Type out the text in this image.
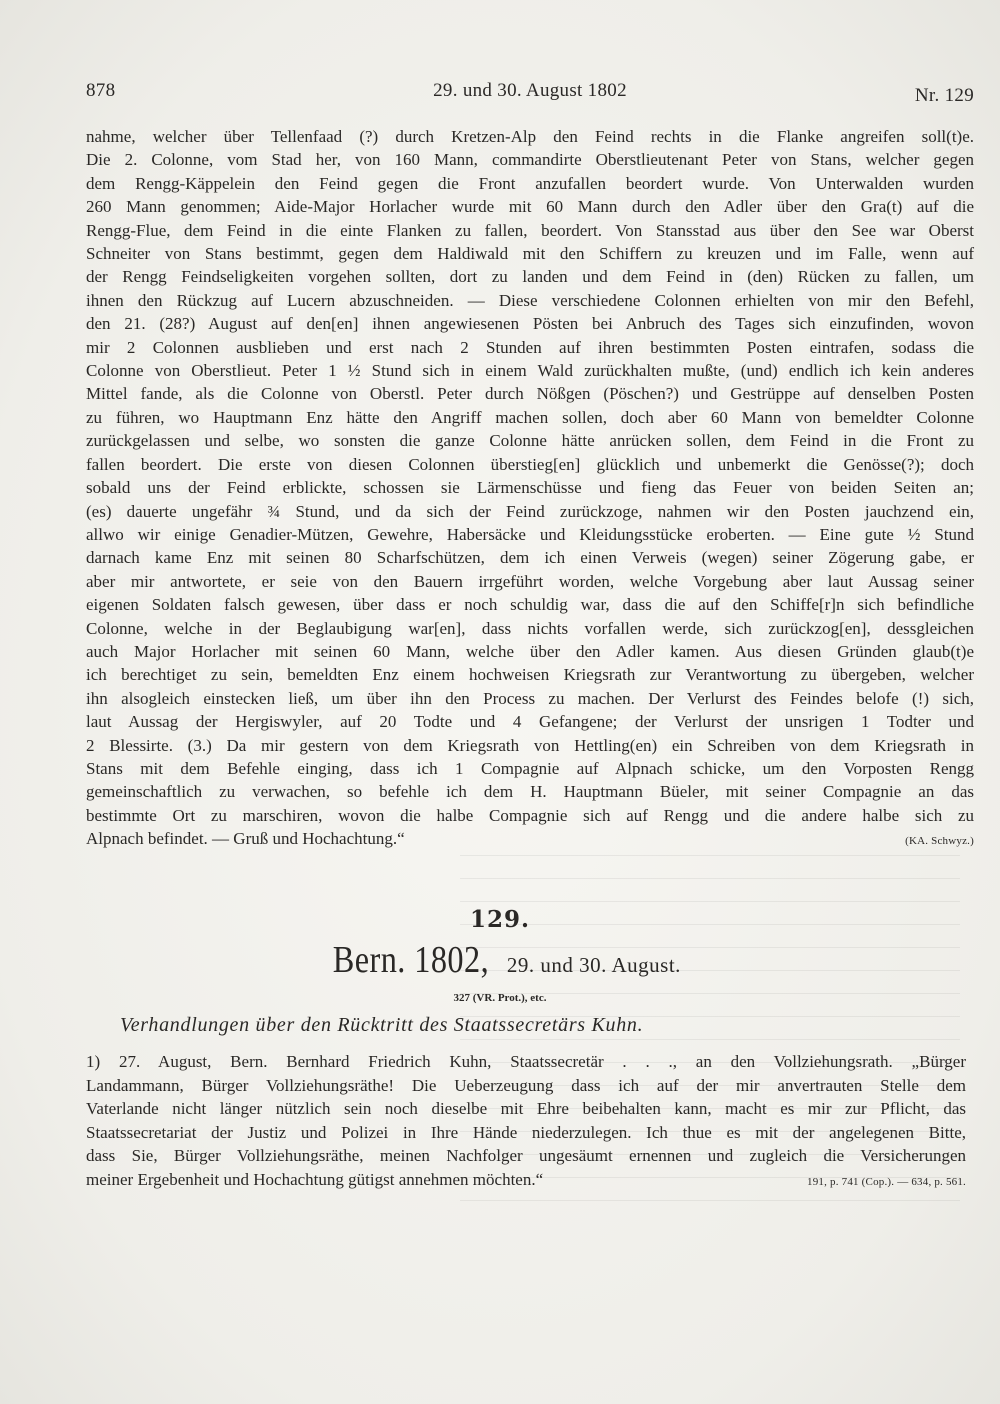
878	29. und 30. August 1802	Nr. 129
nahme, welcher über Tellenfaad (?) durch Kretzen-Alp den Feind rechts in die Flanke angreifen soll(t)e.
Die 2. Colonne, vom Stad her, von 160 Mann, commandirte Oberstlieutenant Peter von Stans, welcher gegen
dem Rengg-Käppelein den Feind gegen die Front anzufallen beordert wurde. Von Unterwalden wurden
260 Mann genommen; Aide-Major Horlacher wurde mit 60 Mann durch den Adler über den Gra(t) auf die
Rengg-Flue, dem Feind in die einte Flanken zu fallen, beordert. Von Stansstad aus über den See war Oberst
Schneiter von Stans bestimmt, gegen dem Haldiwald mit den Schiffern zu kreuzen und im Falle, wenn auf
der Rengg Feindseligkeiten vorgehen sollten, dort zu landen und dem Feind in (den) Rücken zu fallen, um
ihnen den Rückzug auf Lucern abzuschneiden. — Diese verschiedene Colonnen erhielten von mir den Befehl,
den 21. (28?) August auf den[en] ihnen angewiesenen Pösten bei Anbruch des Tages sich einzufinden, wovon
mir 2 Colonnen ausblieben und erst nach 2 Stunden auf ihren bestimmten Posten eintrafen, sodass die
Colonne von Oberstlieut. Peter 1 ½ Stund sich in einem Wald zurückhalten mußte, (und) endlich ich kein anderes
Mittel fande, als die Colonne von Oberstl. Peter durch Nößgen (Pöschen?) und Gestrüppe auf denselben Posten
zu führen, wo Hauptmann Enz hätte den Angriff machen sollen, doch aber 60 Mann von bemeldter Colonne
zurückgelassen und selbe, wo sonsten die ganze Colonne hätte anrücken sollen, dem Feind in die Front zu
fallen beordert. Die erste von diesen Colonnen überstieg[en] glücklich und unbemerkt die Genösse(?); doch
sobald uns der Feind erblickte, schossen sie Lärmenschüsse und fieng das Feuer von beiden Seiten an;
(es) dauerte ungefähr ¾ Stund, und da sich der Feind zurückzoge, nahmen wir den Posten jauchzend ein,
allwo wir einige Genadier-Mützen, Gewehre, Habersäcke und Kleidungsstücke eroberten. — Eine gute ½ Stund
darnach kame Enz mit seinen 80 Scharfschützen, dem ich einen Verweis (wegen) seiner Zögerung gabe, er
aber mir antwortete, er seie von den Bauern irrgeführt worden, welche Vorgebung aber laut Aussag seiner
eigenen Soldaten falsch gewesen, über dass er noch schuldig war, dass die auf den Schiffe[r]n sich befindliche
Colonne, welche in der Beglaubigung war[en], dass nichts vorfallen werde, sich zurückzog[en], dessgleichen
auch Major Horlacher mit seinen 60 Mann, welche über den Adler kamen. Aus diesen Gründen glaub(t)e
ich berechtiget zu sein, bemeldten Enz einem hochweisen Kriegsrath zur Verantwortung zu übergeben, welcher
ihn alsogleich einstecken ließ, um über ihn den Process zu machen. Der Verlurst des Feindes belofe (!) sich,
laut Aussag der Hergiswyler, auf 20 Todte und 4 Gefangene; der Verlurst der unsrigen 1 Todter und
2 Blessirte. (3.) Da mir gestern von dem Kriegsrath von Hettling(en) ein Schreiben von dem Kriegsrath in
Stans mit dem Befehle einging, dass ich 1 Compagnie auf Alpnach schicke, um den Vorposten Rengg
gemeinschaftlich zu verwachen, so befehle ich dem H. Hauptmann Büeler, mit seiner Compagnie an das
bestimmte Ort zu marschiren, wovon die halbe Compagnie sich auf Rengg und die andere halbe sich zu
Alpnach befindet. — Gruß und Hochachtung.“	(KA. Schwyz.)
129.
Bern. 1802, 29. und 30. August.
327 (VR. Prot.), etc.
Verhandlungen über den Rücktritt des Staatssecretärs Kuhn.
1) 27. August, Bern. Bernhard Friedrich Kuhn, Staatssecretär . . ., an den Vollziehungsrath. „Bürger
Landammann, Bürger Vollziehungsräthe! Die Ueberzeugung dass ich auf der mir anvertrauten Stelle dem
Vaterlande nicht länger nützlich sein noch dieselbe mit Ehre beibehalten kann, macht es mir zur Pflicht, das
Staatssecretariat der Justiz und Polizei in Ihre Hände niederzulegen. Ich thue es mit der angelegenen Bitte,
dass Sie, Bürger Vollziehungsräthe, meinen Nachfolger ungesäumt ernennen und zugleich die Versicherungen
meiner Ergebenheit und Hochachtung gütigst annehmen möchten.“	191, p. 741 (Cop.). — 634, p. 561.
